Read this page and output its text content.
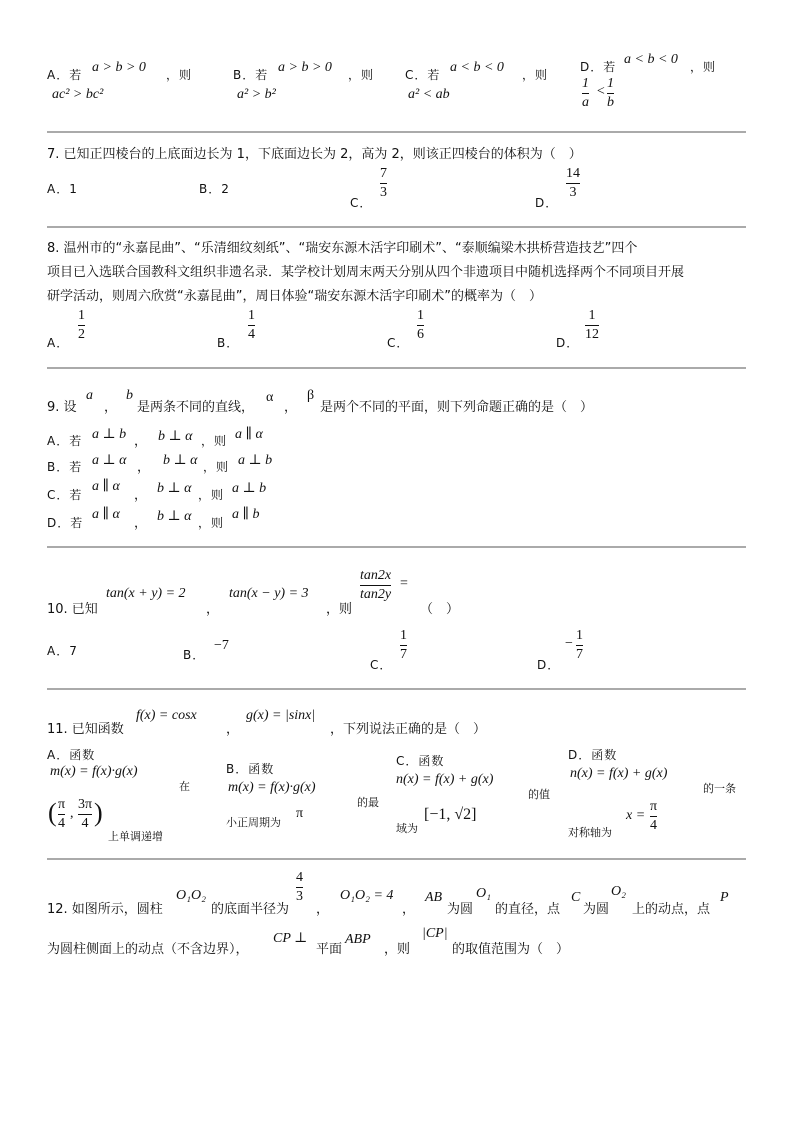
A．若 a > b > 0 ，则
ac² > bc²
B．若 a > b > 0 ，则
a² > b²
C．若 a < b < 0 ，则
a² < ab
D．若 a < b < 0 ，则
1
a
<
1
b
7. 已知正四棱台的上底面边长为 1，下底面边长为 2，高为 2，则该正四棱台的体积为（　）
A．1	B．2
C．
7
3
D．
14
3
8. 温州市的“永嘉昆曲”、“乐清细纹刻纸”、“瑞安东源木活字印刷术”、“泰顺编梁木拱桥营造技艺”四个
项目已入选联合国教科文组织非遗名录．某学校计划周末两天分别从四个非遗项目中随机选择两个不同项目开展
研学活动，则周六欣赏“永嘉昆曲”，周日体验“瑞安东源木活字印刷术”的概率为（　）
A．
1
2
B．
1
4
C．
1
6
D．
1
12
9. 设
a
，
b
是两条不同的直线，
α
，
β
是两个不同的平面，则下列命题正确的是（　）
A．若 a ⊥ b ， b ⊥ α ，则 a ∥ α
B．若 a ⊥ α ， b ⊥ α ，则 a ⊥ b
C．若
a ∥ α
， b ⊥ α ，则 a ⊥ b
D．若
a ∥ α
， b ⊥ α ，则
a ∥ b
10. 已知
tan(x + y) = 2
，
tan(x − y) = 3
，则
tan2x
tan2y
=
（　）
A．7	B．
−7
C．
1
7
D．
−
1
7
11. 已知函数
f(x) = cosx
，
g(x) = |sinx|
，下列说法正确的是（　）
A．函数
m(x) = f(x)·g(x)
在
( π
4
,
3π
4 )
上单调递增
B．函数
m(x) = f(x)·g(x)
的最
小正周期为
π
C．函数
n(x) = f(x) + g(x)
的值
域为
[−1, √2]
D．函数
n(x) = f(x) + g(x)
的一条
对称轴为
x =
π
4
12. 如图所示，圆柱
O₁O₂
的底面半径为
4
3
，
O₁O₂ = 4
，
AB
为圆
O₁
的直径，点
C
为圆
O₂
上的动点，点
P
为圆柱侧面上的动点（不含边界），
CP ⊥
平面
ABP
，则
|CP|
的取值范围为（　）
